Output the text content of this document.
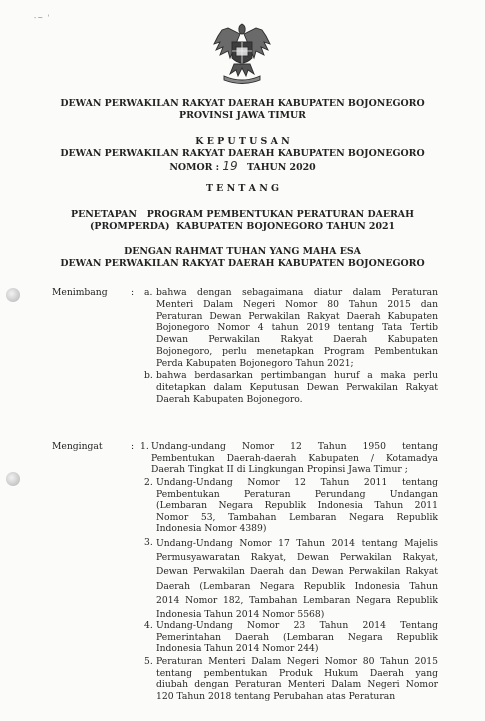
-~ '
DEWAN PERWAKILAN RAKYAT DAERAH KABUPATEN BOJONEGORO
PROVINSI JAWA TIMUR
K E P U T U S A N
DEWAN PERWAKILAN RAKYAT DAERAH KABUPATEN BOJONEGORO
NOMOR : 19 TAHUN 2020
T E N T A N G
PENETAPAN   PROGRAM PEMBENTUKAN PERATURAN DAERAH
(PROMPERDA)  KABUPATEN BOJONEGORO TAHUN 2021
DENGAN RAHMAT TUHAN YANG MAHA ESA
DEWAN PERWAKILAN RAKYAT DAERAH KABUPATEN BOJONEGORO
Menimbang	: a. bahwa dengan sebagaimana diatur dalam Peraturan
Menteri Dalam Negeri Nomor 80 Tahun 2015 dan
Peraturan Dewan Perwakilan Rakyat Daerah Kabupaten
Bojonegoro Nomor 4 tahun 2019 tentang Tata Tertib
Dewan Perwakilan Rakyat Daerah Kabupaten
Bojonegoro, perlu menetapkan Program Pembentukan
Perda Kabupaten Bojonegoro Tahun 2021;
b. bahwa berdasarkan pertimbangan huruf a maka perlu
ditetapkan dalam Keputusan Dewan Perwakilan Rakyat
Daerah Kabupaten Bojonegoro.
Mengingat	: 1. Undang-undang Nomor 12 Tahun 1950 tentang
Pembentukan Daerah-daerah Kabupaten / Kotamadya
Daerah Tingkat II di Lingkungan Propinsi Jawa Timur ;
2. Undang-Undang Nomor 12 Tahun 2011 tentang
Pembentukan Peraturan Perundang Undangan
(Lembaran Negara Republik Indonesia Tahun 2011
Nomor 53, Tambahan Lembaran Negara Republik
Indonesia Nomor 4389)
3. Undang-Undang Nomor 17 Tahun 2014 tentang Majelis
Permusyawaratan Rakyat, Dewan Perwakilan Rakyat,
Dewan Perwakilan Daerah dan Dewan Perwakilan Rakyat
Daerah (Lembaran Negara Republik Indonesia Tahun
2014 Nomor 182, Tambahan Lembaran Negara Republik
Indonesia Tahun 2014 Nomor 5568)
4. Undang-Undang Nomor 23 Tahun 2014 Tentang
Pemerintahan Daerah (Lembaran Negara Republik
Indonesia Tahun 2014 Nomor 244)
5. Peraturan Menteri Dalam Negeri Nomor 80 Tahun 2015
tentang pembentukan Produk Hukum Daerah yang
diubah dengan Peraturan Menteri Dalam Negeri Nomor
120 Tahun 2018 tentang Perubahan atas Peraturan
